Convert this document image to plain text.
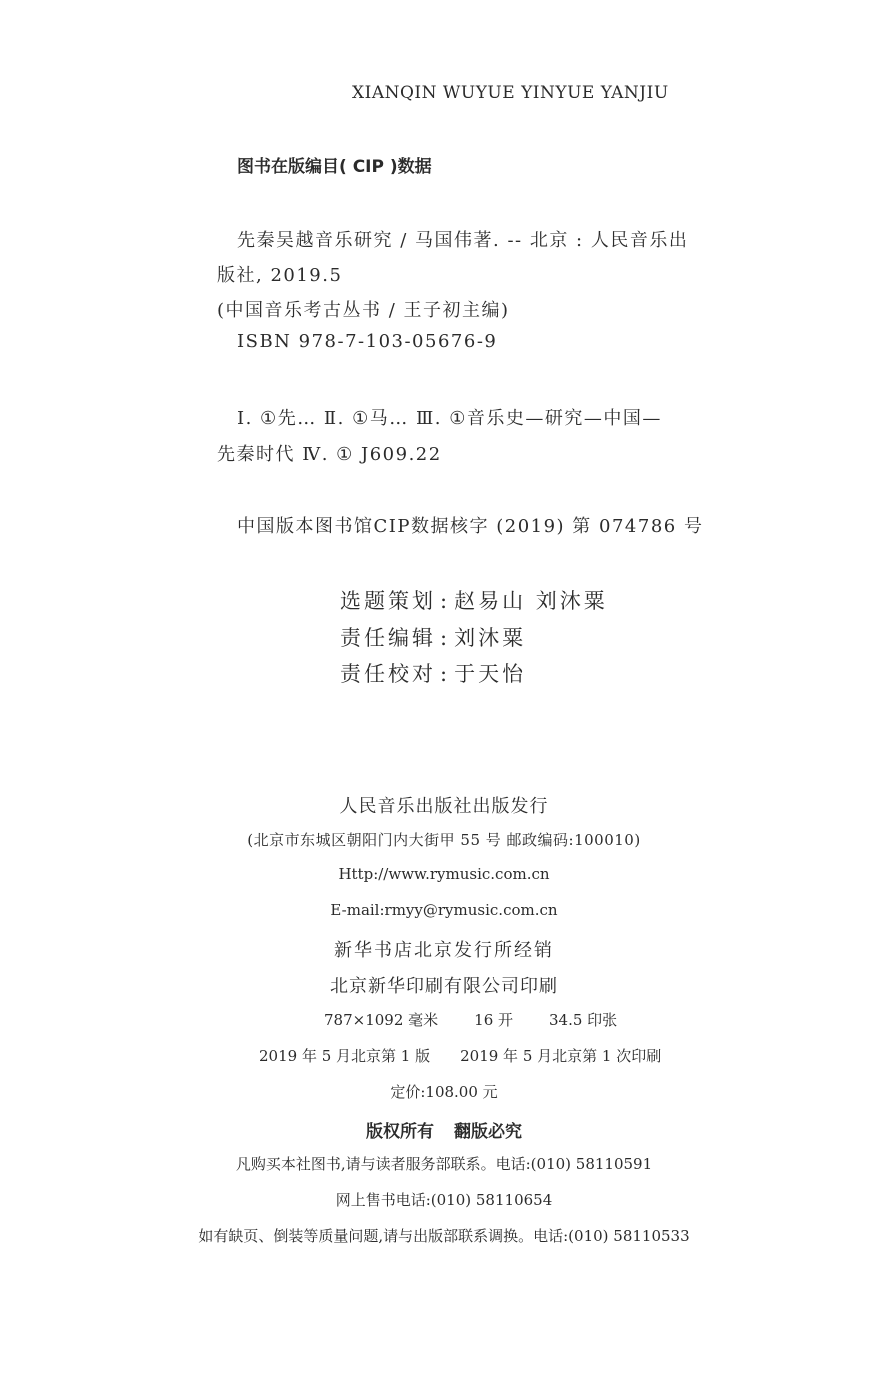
XIANQIN WUYUE YINYUE YANJIU
图书在版编目( CIP )数据
先秦吴越音乐研究 / 马国伟著. -- 北京 : 人民音乐出
版社, 2019.5
(中国音乐考古丛书 / 王子初主编)
ISBN 978-7-103-05676-9
Ⅰ. ①先… Ⅱ. ①马… Ⅲ. ①音乐史—研究—中国—
先秦时代 Ⅳ. ① J609.22
中国版本图书馆CIP数据核字 (2019) 第 074786 号
选题策划 : 赵易山 刘沐粟
责任编辑 : 刘沐粟
责任校对 : 于天怡
人民音乐出版社出版发行
(北京市东城区朝阳门内大街甲 55 号 邮政编码:100010)
Http://www.rymusic.com.cn
E-mail:rmyy@rymusic.com.cn
新华书店北京发行所经销
北京新华印刷有限公司印刷
787×1092 毫米 16 开 34.5 印张
2019 年 5 月北京第 1 版 2019 年 5 月北京第 1 次印刷
定价:108.00 元
版权所有 翻版必究
凡购买本社图书,请与读者服务部联系。电话:(010) 58110591
网上售书电话:(010) 58110654
如有缺页、倒装等质量问题,请与出版部联系调换。电话:(010) 58110533
